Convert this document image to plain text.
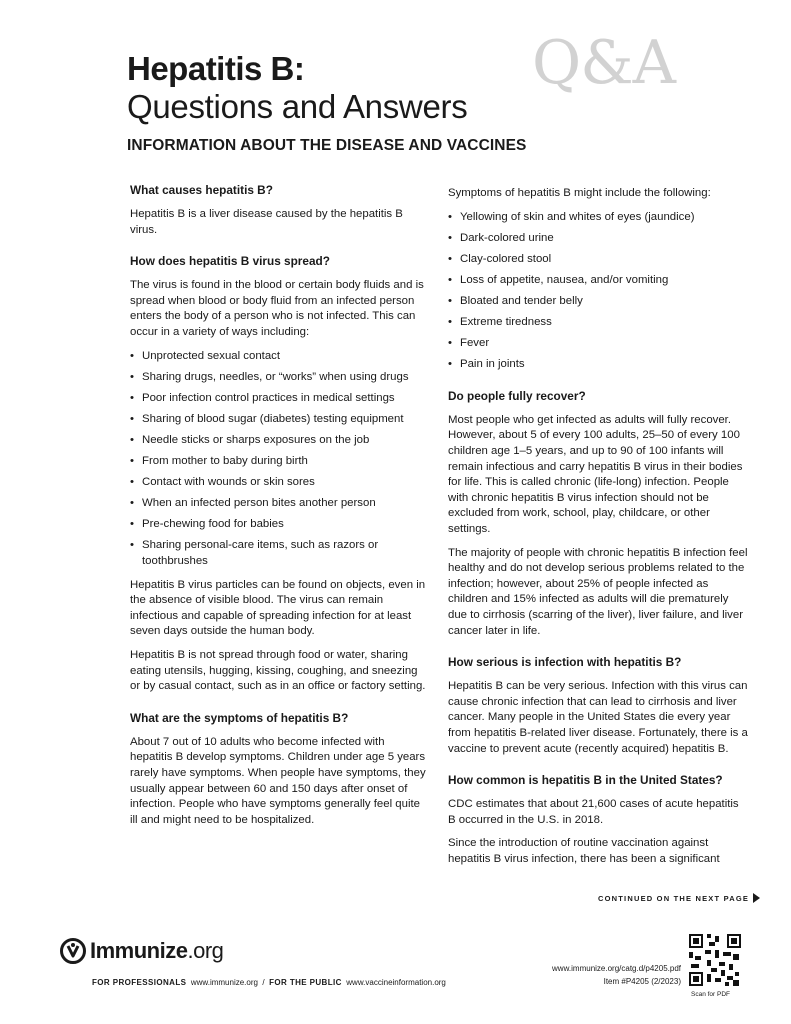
Hepatitis B:
Questions and Answers
Q&A
INFORMATION ABOUT THE DISEASE AND VACCINES
What causes hepatitis B?

Hepatitis B is a liver disease caused by the hepatitis B virus.

How does hepatitis B virus spread?

The virus is found in the blood or certain body fluids and is spread when blood or body fluid from an infected person enters the body of a person who is not infected. This can occur in a variety of ways including:

• Unprotected sexual contact
• Sharing drugs, needles, or “works” when using drugs
• Poor infection control practices in medical settings
• Sharing of blood sugar (diabetes) testing equipment
• Needle sticks or sharps exposures on the job
• From mother to baby during birth
• Contact with wounds or skin sores
• When an infected person bites another person
• Pre-chewing food for babies
• Sharing personal-care items, such as razors or toothbrushes

Hepatitis B virus particles can be found on objects, even in the absence of visible blood. The virus can remain infectious and capable of spreading infection for at least seven days outside the human body.

Hepatitis B is not spread through food or water, sharing eating utensils, hugging, kissing, coughing, and sneezing or by casual contact, such as in an office or factory setting.

What are the symptoms of hepatitis B?

About 7 out of 10 adults who become infected with hepatitis B develop symptoms. Children under age 5 years rarely have symptoms. When people have symptoms, they usually appear between 60 and 150 days after onset of infection. People who have symptoms generally feel quite ill and might need to be hospitalized.

Symptoms of hepatitis B might include the following:

• Yellowing of skin and whites of eyes (jaundice)
• Dark-colored urine
• Clay-colored stool
• Loss of appetite, nausea, and/or vomiting
• Bloated and tender belly
• Extreme tiredness
• Fever
• Pain in joints
Do people fully recover?

Most people who get infected as adults will fully recover. However, about 5 of every 100 adults, 25–50 of every 100 children age 1–5 years, and up to 90 of 100 infants will remain infectious and carry hepatitis B virus in their bodies for life. This is called chronic (life-long) infection. People with chronic hepatitis B virus infection should not be excluded from work, school, play, childcare, or other settings.

The majority of people with chronic hepatitis B infection feel healthy and do not develop serious problems related to the infection; however, about 25% of people infected as children and 15% infected as adults will die prematurely due to cirrhosis (scarring of the liver), liver failure, and liver cancer later in life.

How serious is infection with hepatitis B?

Hepatitis B can be very serious. Infection with this virus can cause chronic infection that can lead to cirrhosis and liver cancer. Many people in the United States die every year from hepatitis B-related liver disease. Fortunately, there is a vaccine to prevent acute (recently acquired) hepatitis B.

How common is hepatitis B in the United States?

CDC estimates that about 21,600 cases of acute hepatitis B occurred in the U.S. in 2018.

Since the introduction of routine vaccination against hepatitis B virus infection, there has been a significant

CONTINUED ON THE NEXT PAGE
Immunize.org
FOR PROFESSIONALS www.immunize.org / FOR THE PUBLIC www.vaccineinformation.org
www.immunize.org/catg.d/p4205.pdf
Item #P4205 (2/2023)
Scan for PDF
